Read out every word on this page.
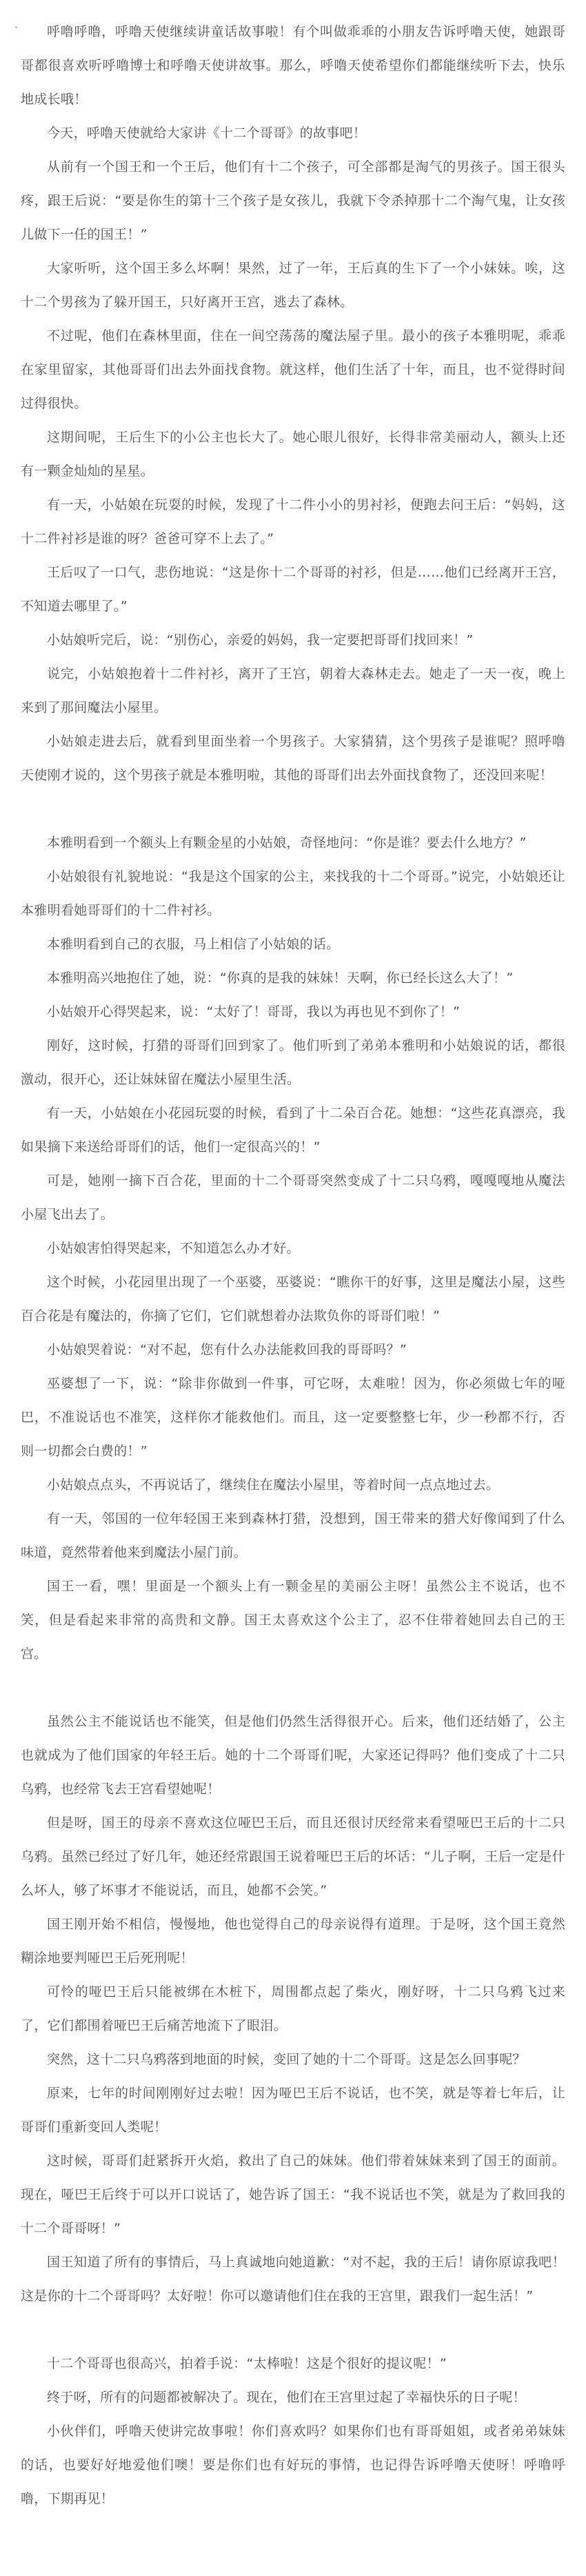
呼噜呼噜，呼噜天使继续讲童话故事啦！有个叫做乖乖的小朋友告诉呼噜天使，她跟哥哥都很喜欢听呼噜博士和呼噜天使讲故事。那么，呼噜天使希望你们都能继续听下去，快乐地成长哦！

今天，呼噜天使就给大家讲《十二个哥哥》的故事吧！

从前有一个国王和一个王后，他们有十二个孩子，可全部都是淘气的男孩子。国王很头疼，跟王后说：“要是你生的第十三个孩子是女孩儿，我就下令杀掉那十二个淘气鬼，让女孩儿做下一任的国王！”

大家听听，这个国王多么坏啊！果然，过了一年，王后真的生下了一个小妹妹。唉，这十二个男孩为了躲开国王，只好离开王宫，逃去了森林。

不过呢，他们在森林里面，住在一间空荡荡的魔法屋子里。最小的孩子本雅明呢，乖乖在家里留家，其他哥哥们出去外面找食物。就这样，他们生活了十年，而且，也不觉得时间过得很快。

这期间呢，王后生下的小公主也长大了。她心眼儿很好，长得非常美丽动人，额头上还有一颗金灿灿的星星。

有一天，小姑娘在玩耍的时候，发现了十二件小小的男衬衫，便跑去问王后：“妈妈，这十二件衬衫是谁的呀？爸爸可穿不上去了。”

王后叹了一口气，悲伤地说：“这是你十二个哥哥的衬衫，但是……他们已经离开王宫，不知道去哪里了。”

小姑娘听完后，说：“别伤心，亲爱的妈妈，我一定要把哥哥们找回来！”

说完，小姑娘抱着十二件衬衫，离开了王宫，朝着大森林走去。她走了一天一夜，晚上来到了那间魔法小屋里。

小姑娘走进去后，就看到里面坐着一个男孩子。大家猜猜，这个男孩子是谁呢？照呼噜天使刚才说的，这个男孩子就是本雅明啦，其他的哥哥们出去外面找食物了，还没回来呢！

本雅明看到一个额头上有颗金星的小姑娘，奇怪地问：“你是谁？要去什么地方？”

小姑娘很有礼貌地说：“我是这个国家的公主，来找我的十二个哥哥。”说完，小姑娘还让本雅明看她哥哥们的十二件衬衫。

本雅明看到自己的衣服，马上相信了小姑娘的话。

本雅明高兴地抱住了她，说：“你真的是我的妹妹！天啊，你已经长这么大了！”

小姑娘开心得哭起来，说：“太好了！哥哥，我以为再也见不到你了！”

刚好，这时候，打猎的哥哥们回到家了。他们听到了弟弟本雅明和小姑娘说的话，都很激动，很开心，还让妹妹留在魔法小屋里生活。

有一天，小姑娘在小花园玩耍的时候，看到了十二朵百合花。她想：“这些花真漂亮，我如果摘下来送给哥哥们的话，他们一定很高兴的！”

可是，她刚一摘下百合花，里面的十二个哥哥突然变成了十二只乌鸦，嘎嘎嘎地从魔法小屋飞出去了。

小姑娘害怕得哭起来，不知道怎么办才好。

这个时候，小花园里出现了一个巫婆，巫婆说：“瞧你干的好事，这里是魔法小屋，这些百合花是有魔法的，你摘了它们，它们就想着办法欺负你的哥哥们啦！”

小姑娘哭着说：“对不起，您有什么办法能救回我的哥哥吗？”

巫婆想了一下，说：“除非你做到一件事，可它呀，太难啦！因为，你必须做七年的哑巴，不准说话也不准笑，这样你才能救他们。而且，这一定要整整七年，少一秒都不行，否则一切都会白费的！”

小姑娘点点头，不再说话了，继续住在魔法小屋里，等着时间一点点地过去。

有一天，邻国的一位年轻国王来到森林打猎，没想到，国王带来的猎犬好像闻到了什么味道，竟然带着他来到魔法小屋门前。

国王一看，嘿！里面是一个额头上有一颗金星的美丽公主呀！虽然公主不说话，也不笑，但是看起来非常的高贵和文静。国王太喜欢这个公主了，忍不住带着她回去自己的王宫。

虽然公主不能说话也不能笑，但是他们仍然生活得很开心。后来，他们还结婚了，公主也就成为了他们国家的年轻王后。她的十二个哥哥们呢，大家还记得吗？他们变成了十二只乌鸦，也经常飞去王宫看望她呢！

但是呀，国王的母亲不喜欢这位哑巴王后，而且还很讨厌经常来看望哑巴王后的十二只乌鸦。虽然已经过了好几年，她还经常跟国王说着哑巴王后的坏话：“儿子啊，王后一定是什么坏人，够了坏事才不能说话，而且，她都不会笑。”

国王刚开始不相信，慢慢地，他也觉得自己的母亲说得有道理。于是呀，这个国王竟然糊涂地要判哑巴王后死刑呢！

可怜的哑巴王后只能被绑在木桩下，周围都点起了柴火，刚好呀，十二只乌鸦飞过来了，它们都围着哑巴王后痛苦地流下了眼泪。

突然，这十二只乌鸦落到地面的时候，变回了她的十二个哥哥。这是怎么回事呢？

原来，七年的时间刚刚好过去啦！因为哑巴王后不说话，也不笑，就是等着七年后，让哥哥们重新变回人类呢！

这时候，哥哥们赶紧拆开火焰，救出了自己的妹妹。他们带着妹妹来到了国王的面前。现在，哑巴王后终于可以开口说话了，她告诉了国王：“我不说话也不笑，就是为了救回我的十二个哥哥呀！”

国王知道了所有的事情后，马上真诚地向她道歉：“对不起，我的王后！请你原谅我吧！这是你的十二个哥哥吗？太好啦！你可以邀请他们住在我的王宫里，跟我们一起生活！”

十二个哥哥也很高兴，拍着手说：“太棒啦！这是个很好的提议呢！”

终于呀，所有的问题都被解决了。现在，他们在王宫里过起了幸福快乐的日子呢！

小伙伴们，呼噜天使讲完故事啦！你们喜欢吗？如果你们也有哥哥姐姐，或者弟弟妹妹的话，也要好好地爱他们噢！要是你们也有好玩的事情，也记得告诉呼噜天使呀！呼噜呼噜，下期再见！
